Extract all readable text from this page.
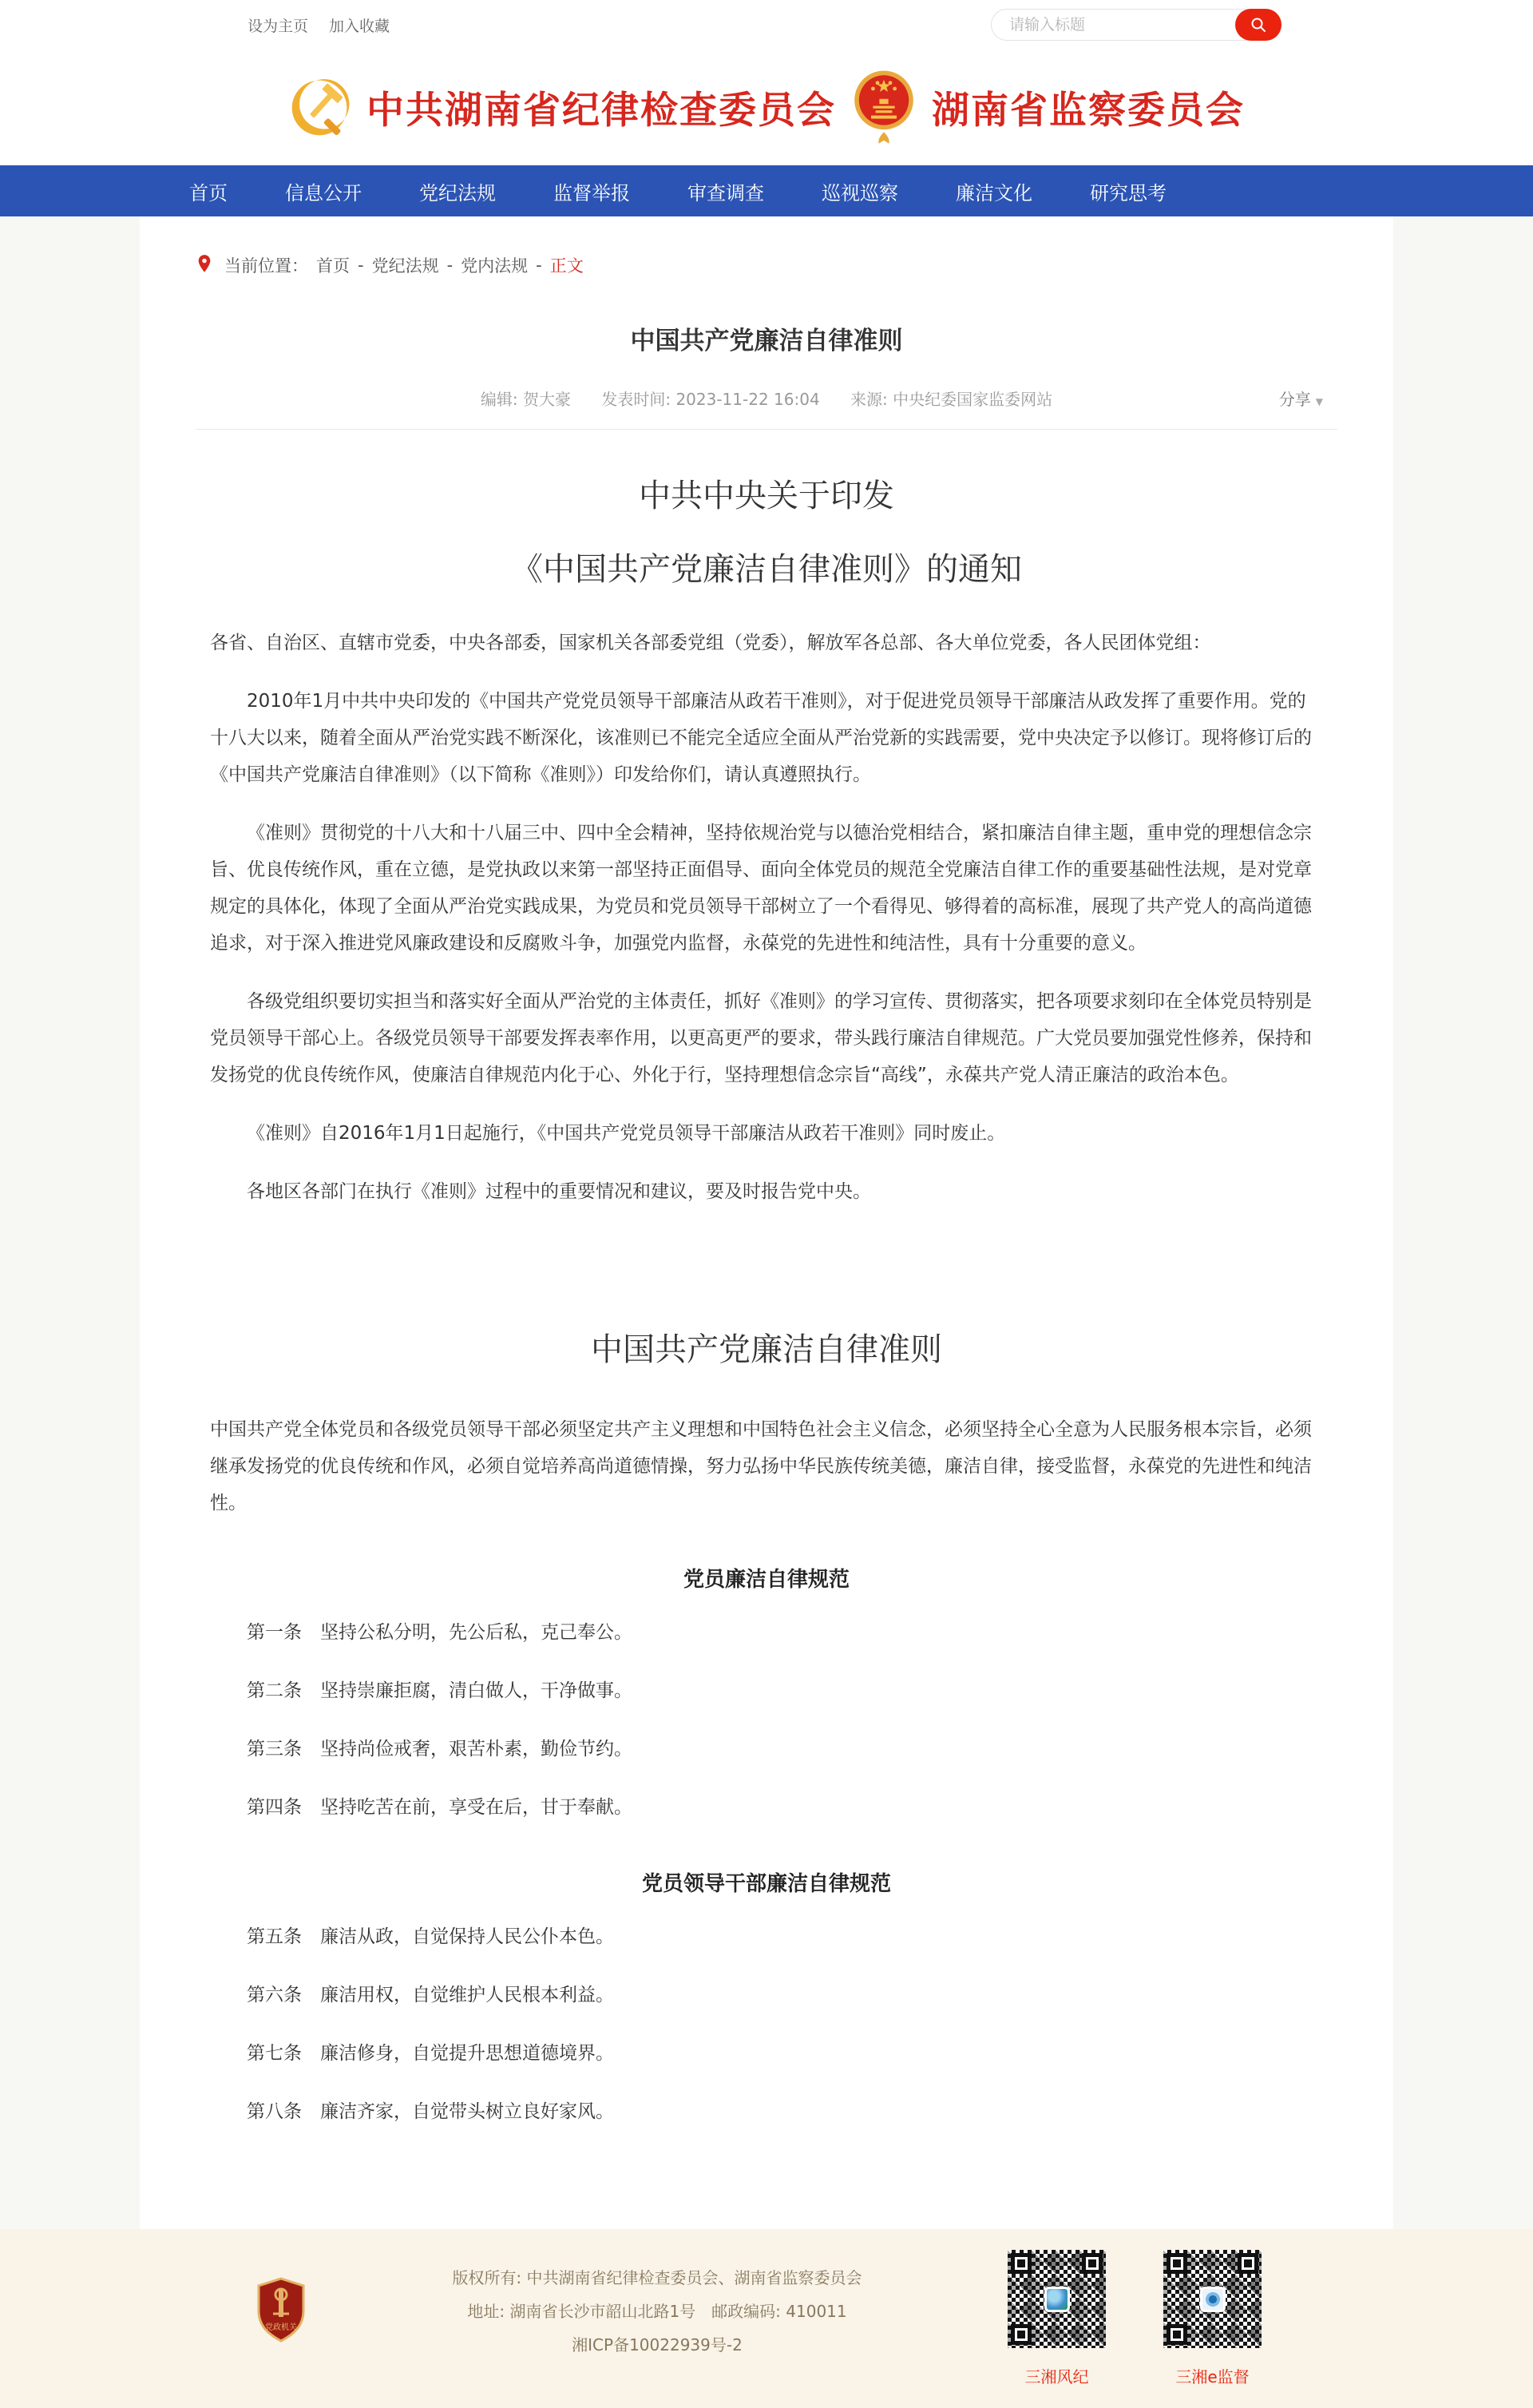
设为主页 加入收藏
请输入标题
中共湖南省纪律检查委员会	湖南省监察委员会
首页	信息公开	党纪法规	监督举报	审查调查	巡视巡察	廉洁文化	研究思考
当前位置： 首页 - 党纪法规 - 党内法规 - 正文
中国共产党廉洁自律准则
编辑: 贺大豪 发表时间: 2023-11-22 16:04 来源: 中央纪委国家监委网站	分享 ▼
中共中央关于印发
《中国共产党廉洁自律准则》的通知

各省、自治区、直辖市党委，中央各部委，国家机关各部委党组（党委），解放军各总部、各大单位党委，各人民团体党组：

2010年1月中共中央印发的《中国共产党党员领导干部廉洁从政若干准则》，对于促进党员领导干部廉洁从政发挥了重要作用。党的十八大以来，随着全面从严治党实践不断深化，该准则已不能完全适应全面从严治党新的实践需要，党中央决定予以修订。现将修订后的《中国共产党廉洁自律准则》（以下简称《准则》）印发给你们，请认真遵照执行。

《准则》贯彻党的十八大和十八届三中、四中全会精神，坚持依规治党与以德治党相结合，紧扣廉洁自律主题，重申党的理想信念宗旨、优良传统作风，重在立德，是党执政以来第一部坚持正面倡导、面向全体党员的规范全党廉洁自律工作的重要基础性法规，是对党章规定的具体化，体现了全面从严治党实践成果，为党员和党员领导干部树立了一个看得见、够得着的高标准，展现了共产党人的高尚道德追求，对于深入推进党风廉政建设和反腐败斗争，加强党内监督，永葆党的先进性和纯洁性，具有十分重要的意义。

各级党组织要切实担当和落实好全面从严治党的主体责任，抓好《准则》的学习宣传、贯彻落实，把各项要求刻印在全体党员特别是党员领导干部心上。各级党员领导干部要发挥表率作用，以更高更严的要求，带头践行廉洁自律规范。广大党员要加强党性修养，保持和发扬党的优良传统作风，使廉洁自律规范内化于心、外化于行，坚持理想信念宗旨“高线”，永葆共产党人清正廉洁的政治本色。

《准则》自2016年1月1日起施行，《中国共产党党员领导干部廉洁从政若干准则》同时废止。

各地区各部门在执行《准则》过程中的重要情况和建议，要及时报告党中央。

中国共产党廉洁自律准则

中国共产党全体党员和各级党员领导干部必须坚定共产主义理想和中国特色社会主义信念，必须坚持全心全意为人民服务根本宗旨，必须继承发扬党的优良传统和作风，必须自觉培养高尚道德情操，努力弘扬中华民族传统美德，廉洁自律，接受监督，永葆党的先进性和纯洁性。

党员廉洁自律规范

第一条　坚持公私分明，先公后私，克己奉公。

第二条　坚持崇廉拒腐，清白做人，干净做事。

第三条　坚持尚俭戒奢，艰苦朴素，勤俭节约。

第四条　坚持吃苦在前，享受在后，甘于奉献。

党员领导干部廉洁自律规范

第五条　廉洁从政，自觉保持人民公仆本色。

第六条　廉洁用权，自觉维护人民根本利益。

第七条　廉洁修身，自觉提升思想道德境界。

第八条　廉洁齐家，自觉带头树立良好家风。

党政机关

版权所有: 中共湖南省纪律检查委员会、湖南省监察委员会

地址: 湖南省长沙市韶山北路1号　邮政编码: 410011

湘ICP备10022939号-2

三湘风纪	三湘e监督
